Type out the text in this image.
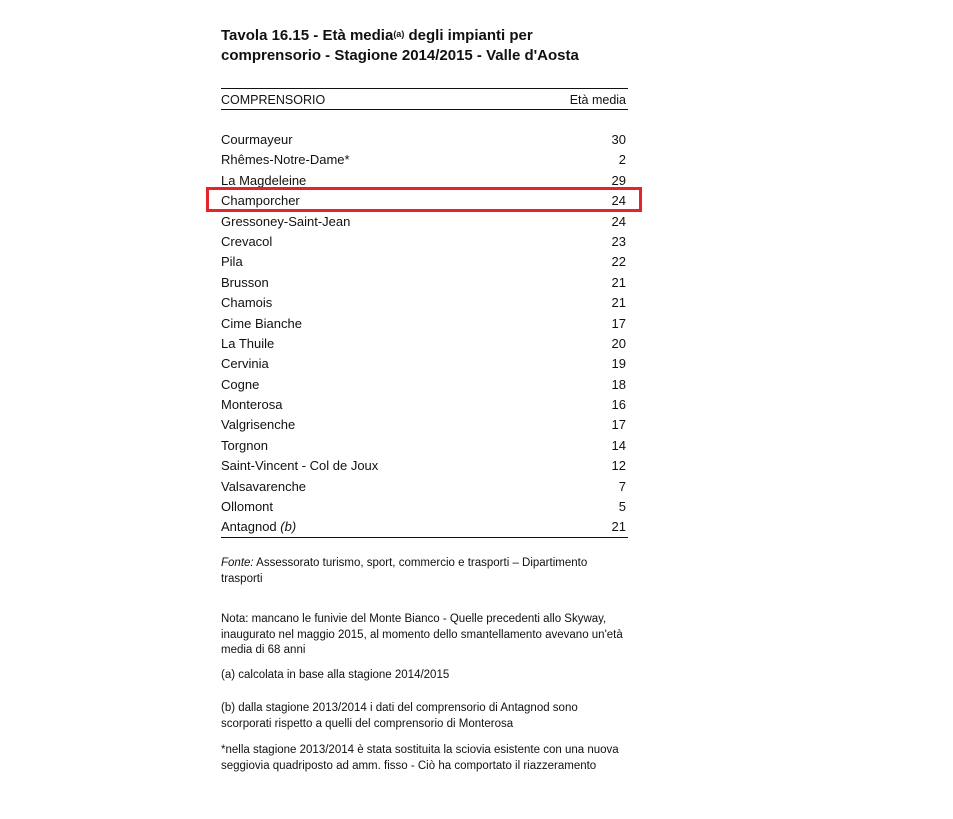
Tavola 16.15 - Età media$^{(a)}$ degli impianti per
comprensorio - Stagione 2014/2015 - Valle d'Aosta
COMPRENSORIO	Età media
Courmayeur	30
Rhêmes-Notre-Dame*	2
La Magdeleine	29
Champorcher	24
Gressoney-Saint-Jean	24
Crevacol	23
Pila	22
Brusson	21
Chamois	21
Cime Bianche	17
La Thuile	20
Cervinia	19
Cogne	18
Monterosa	16
Valgrisenche	17
Torgnon	14
Saint-Vincent - Col de Joux	12
Valsavarenche	7
Ollomont	5
Antagnod (b)	21
Fonte: Assessorato turismo, sport, commercio e trasporti – Dipartimento trasporti
Nota: mancano le funivie del Monte Bianco - Quelle precedenti allo Skyway, inaugurato nel maggio 2015, al momento dello smantellamento avevano un'età media di 68 anni
(a) calcolata in base alla stagione 2014/2015
(b) dalla stagione 2013/2014 i dati del comprensorio di Antagnod sono scorporati rispetto a quelli del comprensorio di Monterosa
*nella stagione 2013/2014 è stata sostituita la sciovia esistente con una nuova seggiovia quadriposto ad amm. fisso - Ciò ha comportato il riazzeramento
